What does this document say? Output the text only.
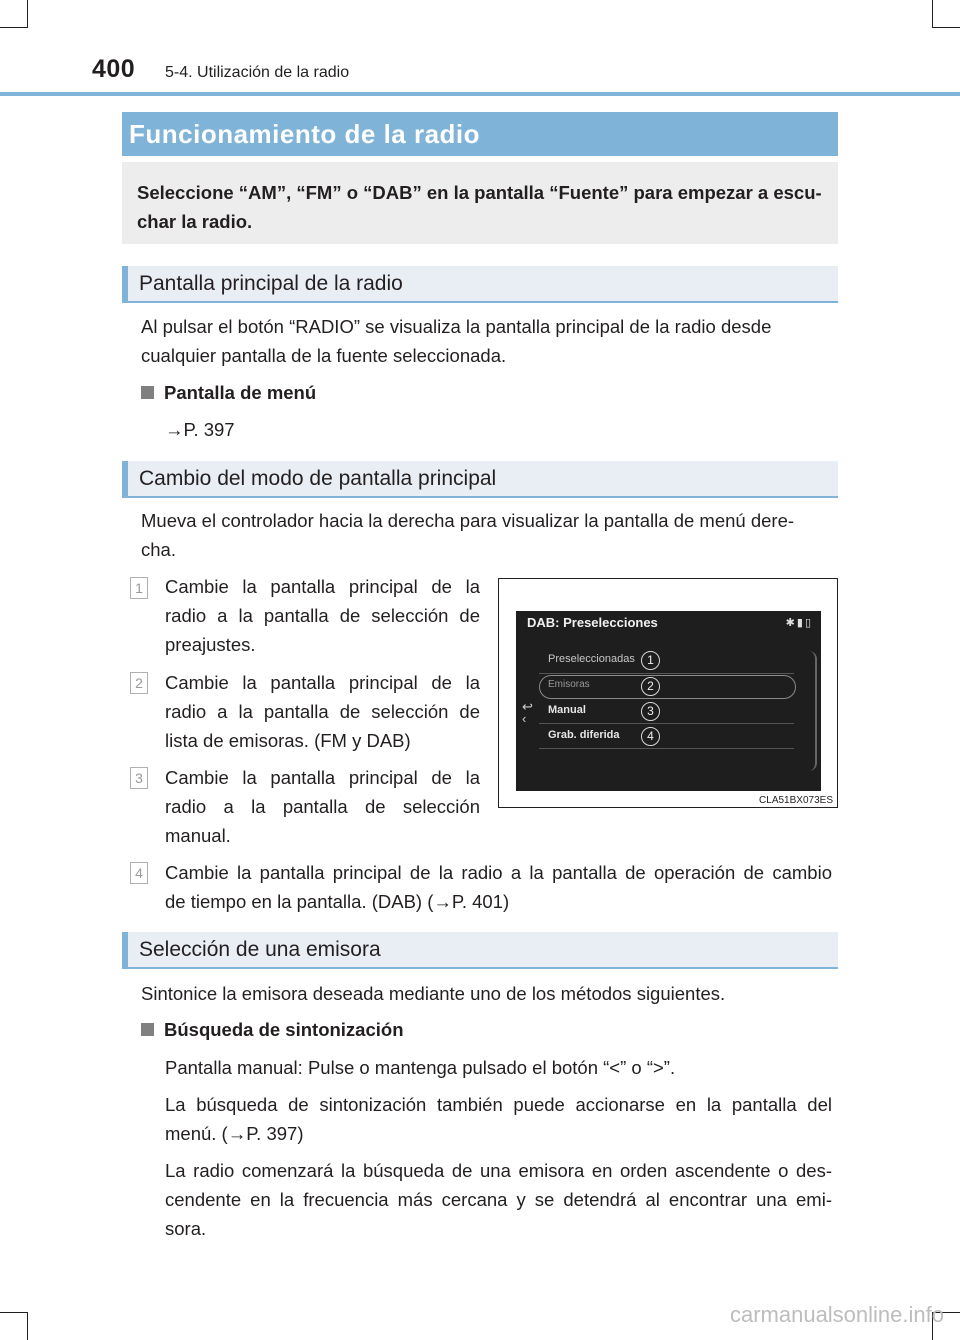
400 5-4. Utilización de la radio
Funcionamiento de la radio
Seleccione “AM”, “FM” o “DAB” en la pantalla “Fuente” para empezar a escu-
char la radio.
Pantalla principal de la radio
Al pulsar el botón “RADIO” se visualiza la pantalla principal de la radio desde
cualquier pantalla de la fuente seleccionada.
Pantalla de menú
→P. 397
Cambio del modo de pantalla principal
Mueva el controlador hacia la derecha para visualizar la pantalla de menú dere-
cha.
1 Cambie la pantalla principal de la
radio a la pantalla de selección de
preajustes.
2 Cambie la pantalla principal de la
radio a la pantalla de selección de
lista de emisoras. (FM y DAB)
3 Cambie la pantalla principal de la
radio a la pantalla de selección
manual.
4 Cambie la pantalla principal de la radio a la pantalla de operación de cambio
de tiempo en la pantalla. (DAB) (→P. 401)
DAB: Preselecciones	✱▮▯
Preseleccionadas	1
Emisoras	2
Manual	3
Grab. diferida	4
↩
‹
CLA51BX073ES
Selección de una emisora
Sintonice la emisora deseada mediante uno de los métodos siguientes.
Búsqueda de sintonización
Pantalla manual: Pulse o mantenga pulsado el botón “<” o “>”.
La búsqueda de sintonización también puede accionarse en la pantalla del
menú. (→P. 397)
La radio comenzará la búsqueda de una emisora en orden ascendente o des-
cendente en la frecuencia más cercana y se detendrá al encontrar una emi-
sora.
carmanualsonline.info
